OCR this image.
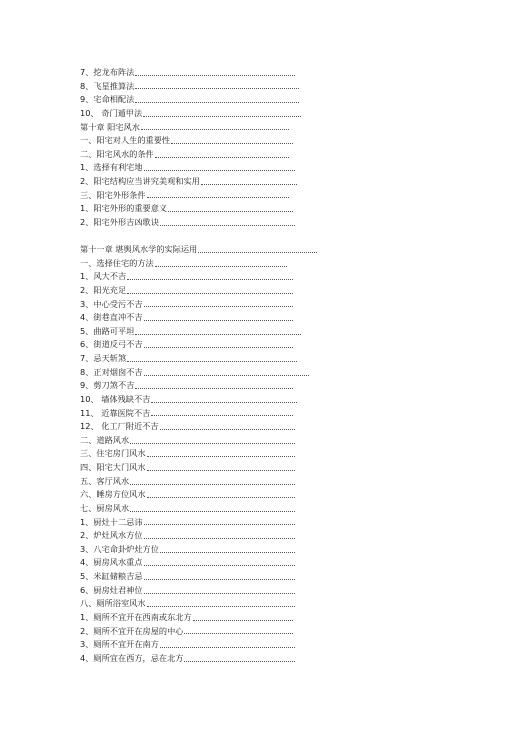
7、挖龙布阵法
8、飞星推算法
9、宅命相配法
10、 奇门遁甲法
第十章 阳宅风水
一、阳宅对人生的重要性
二、阳宅风水的条件
1、选择有利宅地
2、阳宅结构应当讲究美观和实用
三、阳宅外形条件
1、阳宅外形的重要意义
2、阳宅外形吉凶歌诀
第十一章 堪舆风水学的实际运用
一、选择住宅的方法
1、风大不吉
2、阳光充足
3、中心受污不吉
4、街巷直冲不吉
5、曲路可平坦
6、街道反弓不吉
7、忌天斩煞
8、正对烟囱不吉
9、剪刀煞不吉
10、 墙体残缺不吉
11、 近靠医院不吉
12、 化工厂附近不吉
二、道路风水
三、住宅房门风水
四、阳宅大门风水
五、客厅风水
六、睡房方位风水
七、厨房风水
1、厨灶十二忌讳
2、炉灶风水方位
3、八宅命卦炉灶方位
4、厨房风水重点
5、米缸储粮吉忌
6、厨房灶君神位
八、厕所浴室风水
1、厕所不宜开在西南或东北方
2、厕所不宜开在房屋的中心
3、厕所不宜开在南方
4、厕所宜在西方，忌在北方
